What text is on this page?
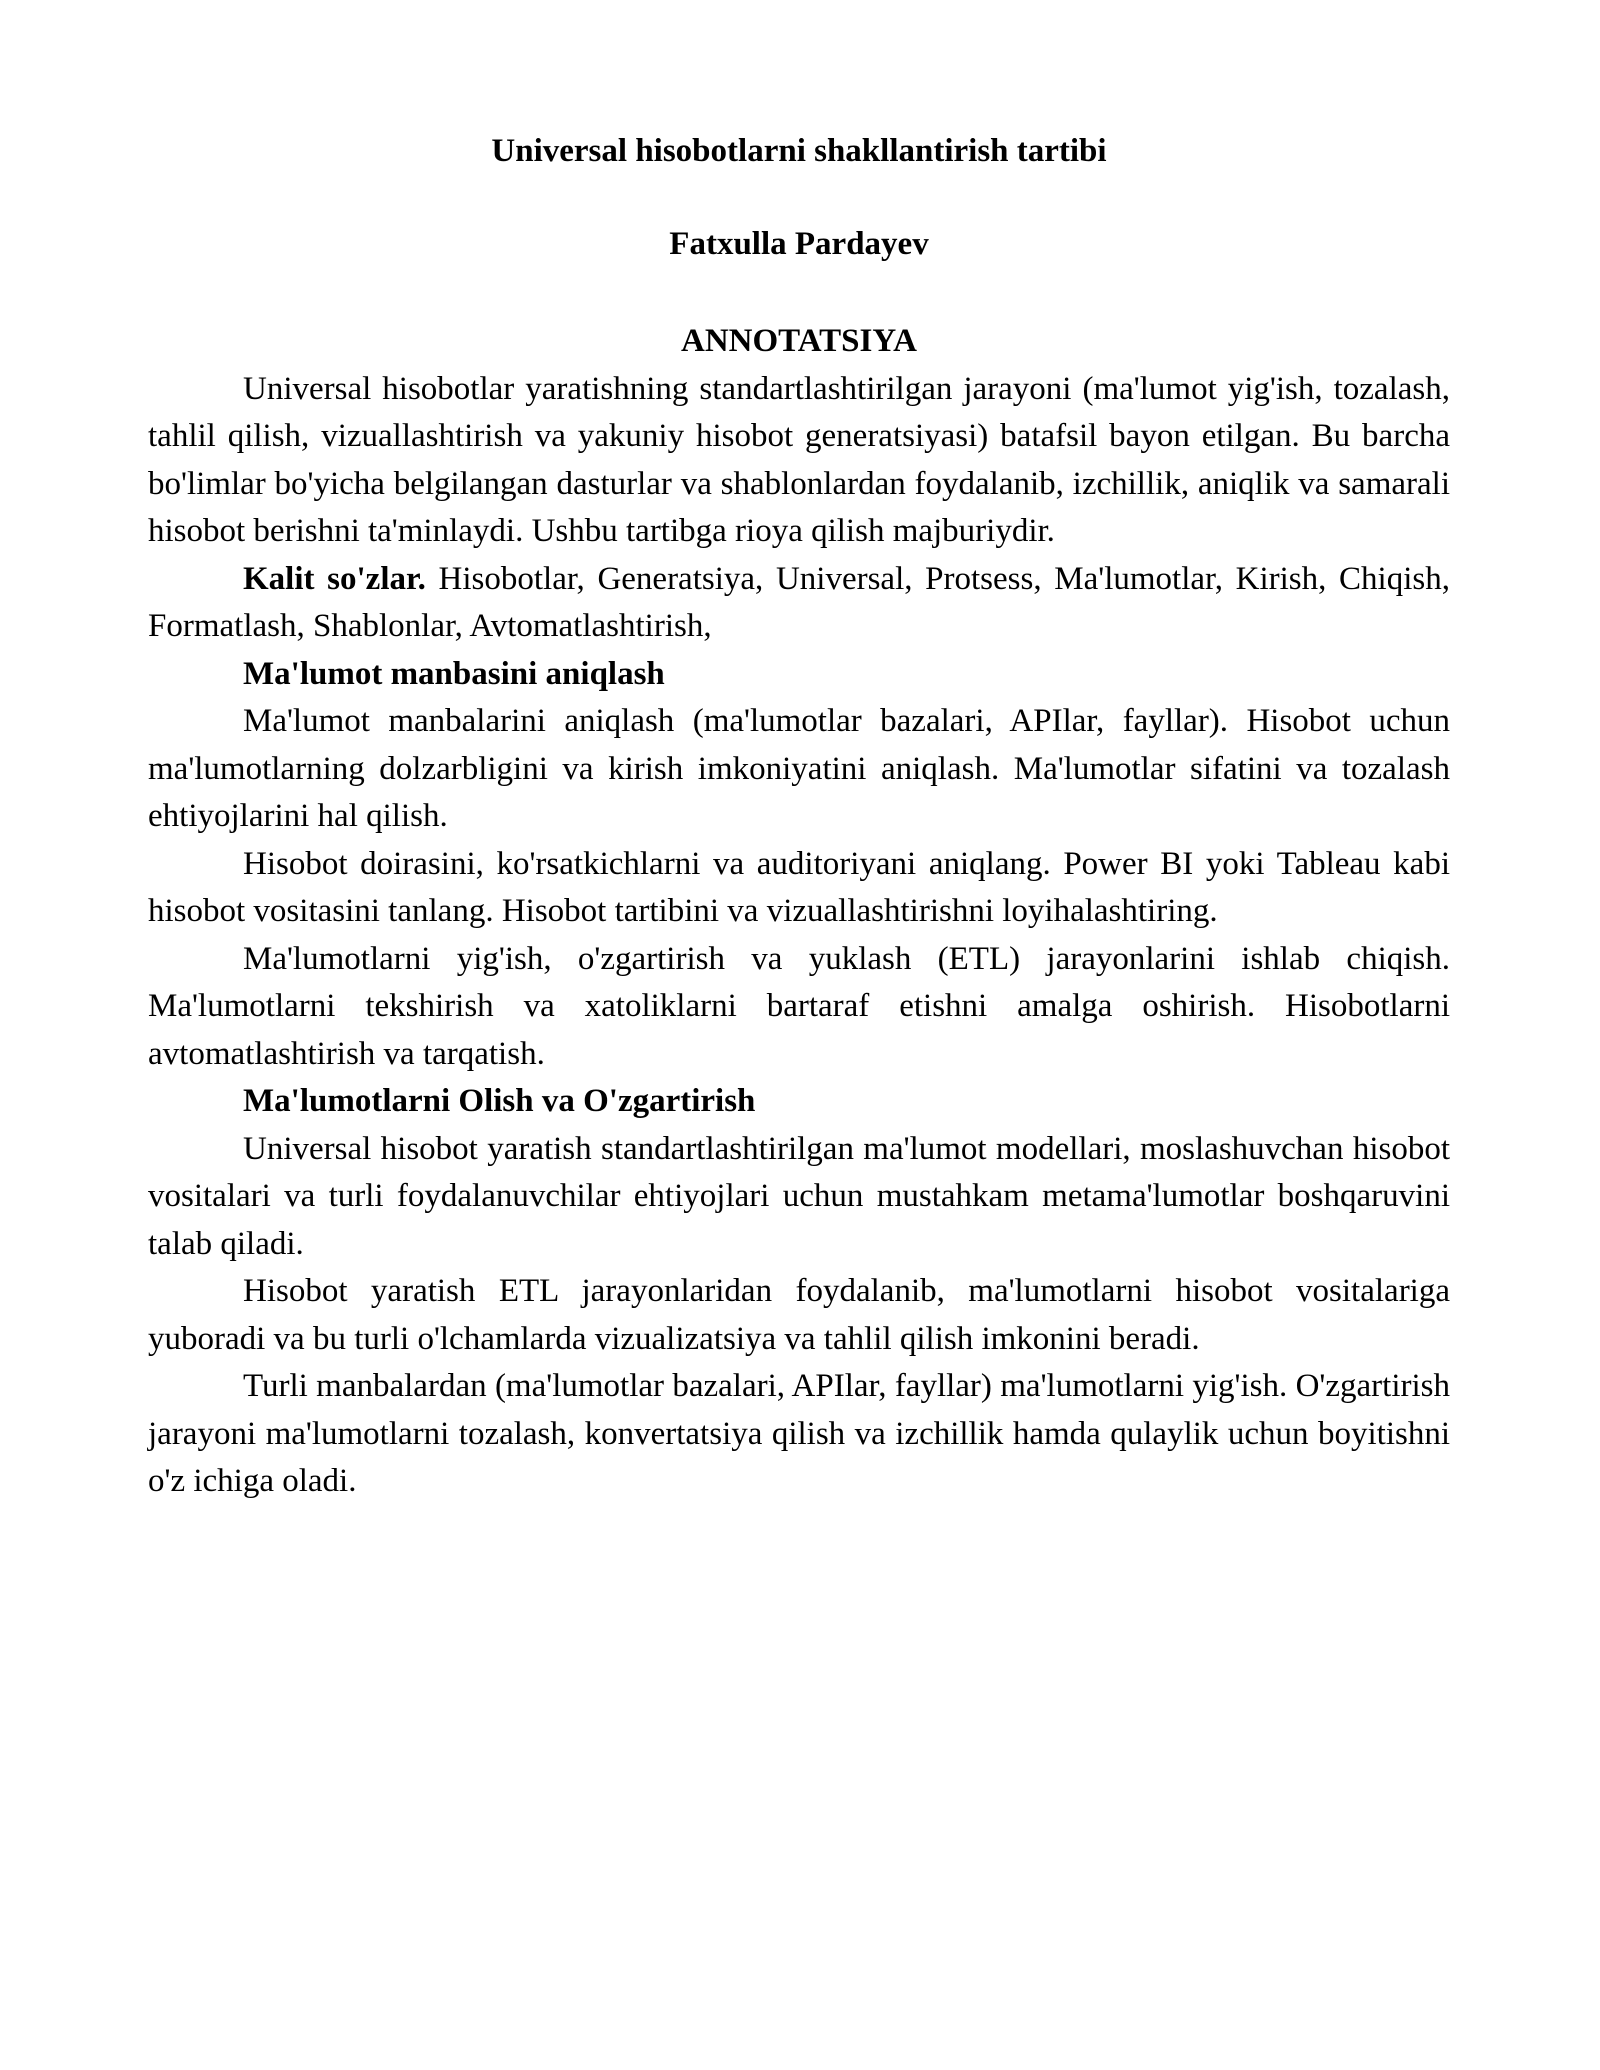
Universal hisobotlarni shakllantirish tartibi

Fatxulla Pardayev

ANNOTATSIYA

Universal hisobotlar yaratishning standartlashtirilgan jarayoni (ma'lumot yig'ish, tozalash, tahlil qilish, vizuallashtirish va yakuniy hisobot generatsiyasi) batafsil bayon etilgan. Bu barcha bo'limlar bo'yicha belgilangan dasturlar va shablonlardan foydalanib, izchillik, aniqlik va samarali hisobot berishni ta'minlaydi. Ushbu tartibga rioya qilish majburiydir.

Kalit so'zlar. Hisobotlar, Generatsiya, Universal, Protsess, Ma'lumotlar, Kirish, Chiqish, Formatlash, Shablonlar, Avtomatlashtirish,

Ma'lumot manbasini aniqlash

Ma'lumot manbalarini aniqlash (ma'lumotlar bazalari, APIlar, fayllar). Hisobot uchun ma'lumotlarning dolzarbligini va kirish imkoniyatini aniqlash. Ma'lumotlar sifatini va tozalash ehtiyojlarini hal qilish.

Hisobot doirasini, ko'rsatkichlarni va auditoriyani aniqlang. Power BI yoki Tableau kabi hisobot vositasini tanlang. Hisobot tartibini va vizuallashtirishni loyihalashtiring.

Ma'lumotlarni yig'ish, o'zgartirish va yuklash (ETL) jarayonlarini ishlab chiqish. Ma'lumotlarni tekshirish va xatoliklarni bartaraf etishni amalga oshirish. Hisobotlarni avtomatlashtirish va tarqatish.

Ma'lumotlarni Olish va O'zgartirish

Universal hisobot yaratish standartlashtirilgan ma'lumot modellari, moslashuvchan hisobot vositalari va turli foydalanuvchilar ehtiyojlari uchun mustahkam metama'lumotlar boshqaruvini talab qiladi.

Hisobot yaratish ETL jarayonlaridan foydalanib, ma'lumotlarni hisobot vositalariga yuboradi va bu turli o'lchamlarda vizualizatsiya va tahlil qilish imkonini beradi.

Turli manbalardan (ma'lumotlar bazalari, APIlar, fayllar) ma'lumotlarni yig'ish. O'zgartirish jarayoni ma'lumotlarni tozalash, konvertatsiya qilish va izchillik hamda qulaylik uchun boyitishni o'z ichiga oladi.
